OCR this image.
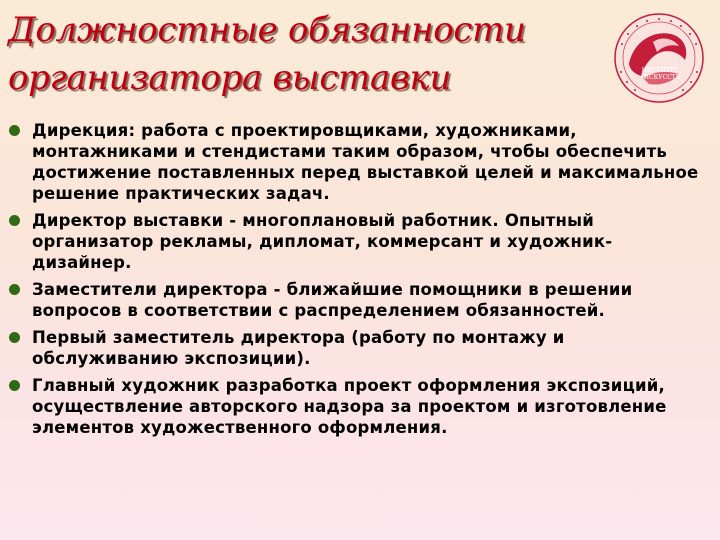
Должностные обязанности
организатора выставки	ИНСТИТУТ
ИСКУССТВ
Дирекция: работа с проектировщиками, художниками, монтажниками и стендистами таким образом, чтобы обеспечить достижение поставленных перед выставкой целей и максимальное решение практических задач.
Директор выставки - многоплановый работник. Опытный организатор рекламы, дипломат, коммерсант и художник-дизайнер.
Заместители директора - ближайшие помощники в решении вопросов в соответствии с распределением обязанностей.
Первый заместитель директора (работу по монтажу и обслуживанию экспозиции).
Главный художник разработка проект оформления экспозиций, осуществление авторского надзора за проектом и изготовление элементов художественного оформления.
